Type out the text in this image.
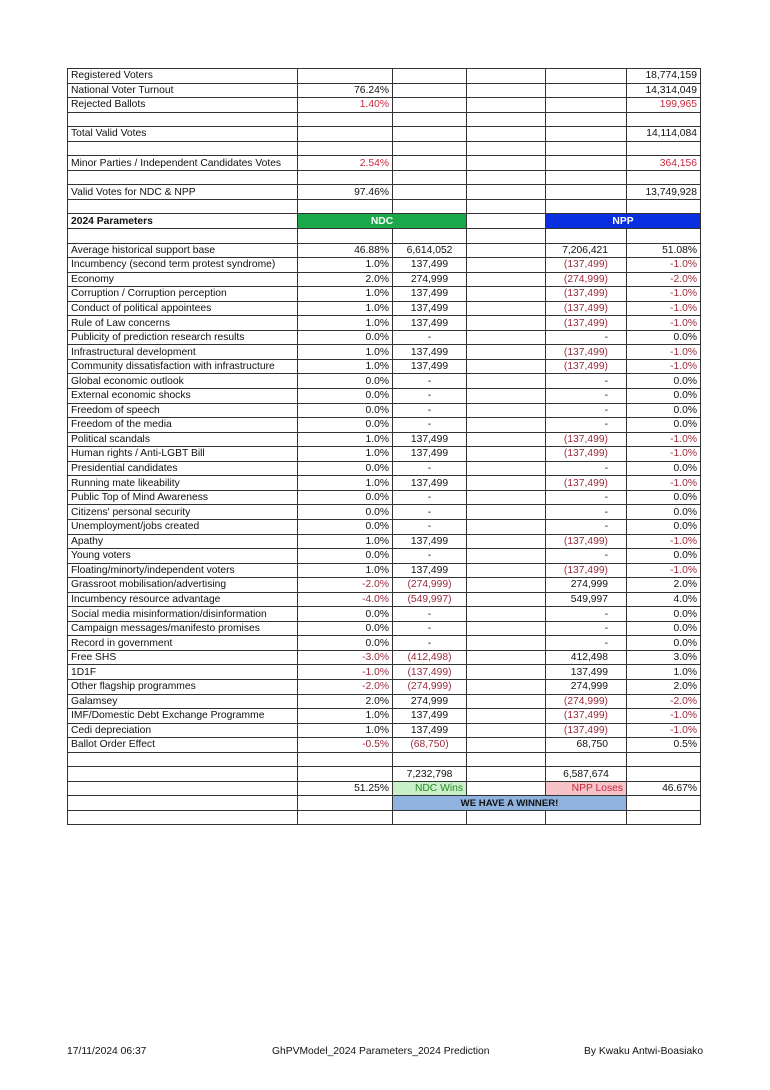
Registered Voters					18,774,159
National Voter Turnout	76.24%				14,314,049
Rejected Ballots	1.40%				199,965

Total Valid Votes					14,114,084

Minor Parties / Independent Candidates Votes	2.54%				364,156

Valid Votes for NDC & NPP	97.46%				13,749,928

2024 Parameters	NDC			NPP	

Average historical support base	46.88%	6,614,052		7,206,421	51.08%
Incumbency (second term protest syndrome)	1.0%	137,499		(137,499)	-1.0%
Economy	2.0%	274,999		(274,999)	-2.0%
Corruption / Corruption perception	1.0%	137,499		(137,499)	-1.0%
Conduct of political appointees	1.0%	137,499		(137,499)	-1.0%
Rule of Law concerns	1.0%	137,499		(137,499)	-1.0%
Publicity of prediction research results	0.0%	-		-	0.0%
Infrastructural development	1.0%	137,499		(137,499)	-1.0%
Community dissatisfaction with infrastructure	1.0%	137,499		(137,499)	-1.0%
Global economic outlook	0.0%	-		-	0.0%
External economic shocks	0.0%	-		-	0.0%
Freedom of speech	0.0%	-		-	0.0%
Freedom of the media	0.0%	-		-	0.0%
Political scandals	1.0%	137,499		(137,499)	-1.0%
Human rights / Anti-LGBT Bill	1.0%	137,499		(137,499)	-1.0%
Presidential candidates	0.0%	-		-	0.0%
Running mate likeability	1.0%	137,499		(137,499)	-1.0%
Public Top of Mind Awareness	0.0%	-		-	0.0%
Citizens' personal security	0.0%	-		-	0.0%
Unemployment/jobs created	0.0%	-		-	0.0%
Apathy	1.0%	137,499		(137,499)	-1.0%
Young voters	0.0%	-		-	0.0%
Floating/minorty/independent voters	1.0%	137,499		(137,499)	-1.0%
Grassroot mobilisation/advertising	-2.0%	(274,999)		274,999	2.0%
Incumbency resource advantage	-4.0%	(549,997)		549,997	4.0%
Social media misinformation/disinformation	0.0%	-		-	0.0%
Campaign messages/manifesto promises	0.0%	-		-	0.0%
Record in government	0.0%	-		-	0.0%
Free SHS	-3.0%	(412,498)		412,498	3.0%
1D1F	-1.0%	(137,499)		137,499	1.0%
Other flagship programmes	-2.0%	(274,999)		274,999	2.0%
Galamsey	2.0%	274,999		(274,999)	-2.0%
IMF/Domestic Debt Exchange Programme	1.0%	137,499		(137,499)	-1.0%
Cedi depreciation	1.0%	137,499		(137,499)	-1.0%
Ballot Order Effect	-0.5%	(68,750)		68,750	0.5%

		7,232,798		6,587,674	
	51.25%	NDC Wins		NPP Loses	46.67%
		WE HAVE A WINNER!			

17/11/2024 06:37	GhPVModel_2024 Parameters_2024 Prediction	By Kwaku Antwi-Boasiako
